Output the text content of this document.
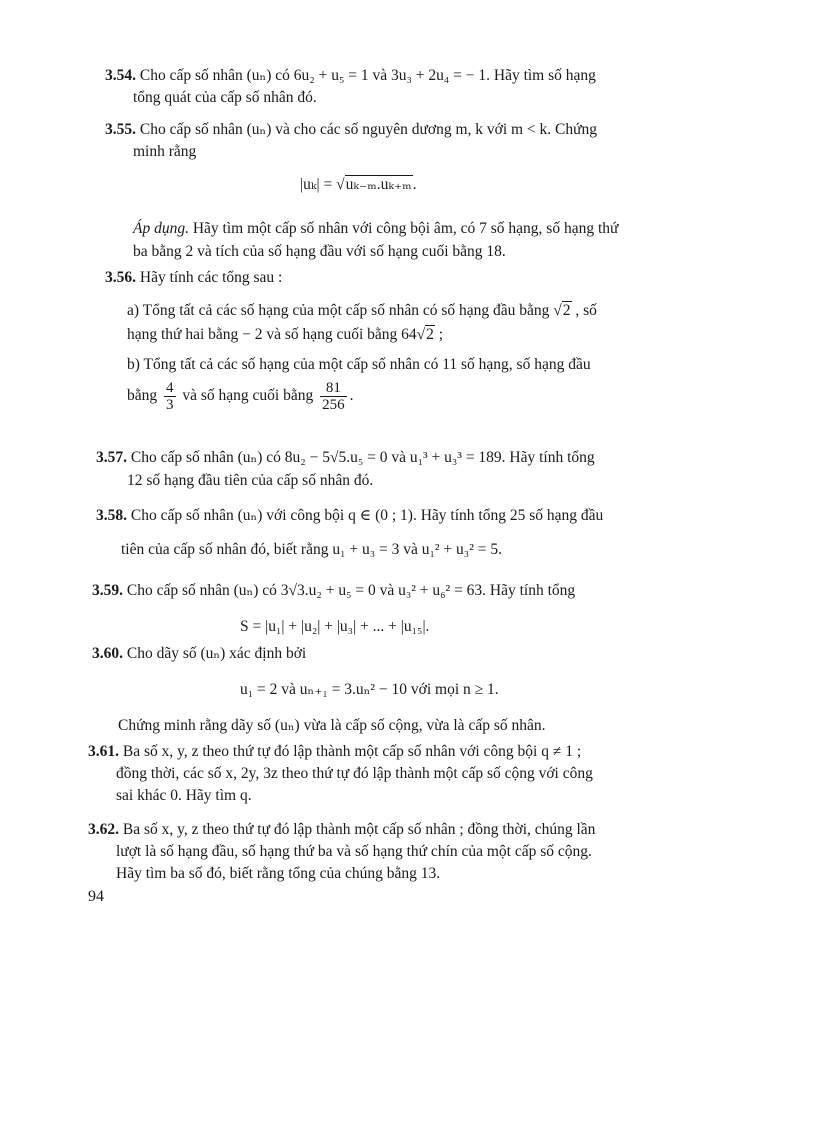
3.54. Cho cấp số nhân (uₙ) có 6u₂ + u₅ = 1 và 3u₃ + 2u₄ = − 1. Hãy tìm số hạng
tổng quát của cấp số nhân đó.
3.55. Cho cấp số nhân (uₙ) và cho các số nguyên dương m, k với m < k. Chứng
minh rằng
|uₖ| = √uₖ₋ₘ.uₖ₊ₘ.
Áp dụng. Hãy tìm một cấp số nhân với công bội âm, có 7 số hạng, số hạng thứ
ba bằng 2 và tích của số hạng đầu với số hạng cuối bằng 18.
3.56. Hãy tính các tổng sau :
a) Tổng tất cả các số hạng của một cấp số nhân có số hạng đầu bằng √2 , số
hạng thứ hai bằng − 2 và số hạng cuối bằng 64√2 ;
b) Tổng tất cả các số hạng của một cấp số nhân có 11 số hạng, số hạng đầu
bằng $\frac{4}{3}$ và số hạng cuối bằng $\frac{81}{256}$ .
3.57. Cho cấp số nhân (uₙ) có 8u₂ − 5√5.u₅ = 0 và u₁³ + u₃³ = 189. Hãy tính tổng
12 số hạng đầu tiên của cấp số nhân đó.
3.58. Cho cấp số nhân (uₙ) với công bội q ∈ (0 ; 1). Hãy tính tổng 25 số hạng đầu
tiên của cấp số nhân đó, biết rằng u₁ + u₃ = 3 và u₁² + u₃² = 5.
3.59. Cho cấp số nhân (uₙ) có 3√3.u₂ + u₅ = 0 và u₃² + u₆² = 63. Hãy tính tổng
S = |u₁| + |u₂| + |u₃| + ... + |u₁₅|.
3.60. Cho dãy số (uₙ) xác định bởi
u₁ = 2 và uₙ₊₁ = 3.uₙ² − 10 với mọi n ≥ 1.
Chứng minh rằng dãy số (uₙ) vừa là cấp số cộng, vừa là cấp số nhân.
3.61. Ba số x, y, z theo thứ tự đó lập thành một cấp số nhân với công bội q ≠ 1 ;
đồng thời, các số x, 2y, 3z theo thứ tự đó lập thành một cấp số cộng với công
sai khác 0. Hãy tìm q.
3.62. Ba số x, y, z theo thứ tự đó lập thành một cấp số nhân ; đồng thời, chúng lần
lượt là số hạng đầu, số hạng thứ ba và số hạng thứ chín của một cấp số cộng.
Hãy tìm ba số đó, biết rằng tổng của chúng bằng 13.
94
